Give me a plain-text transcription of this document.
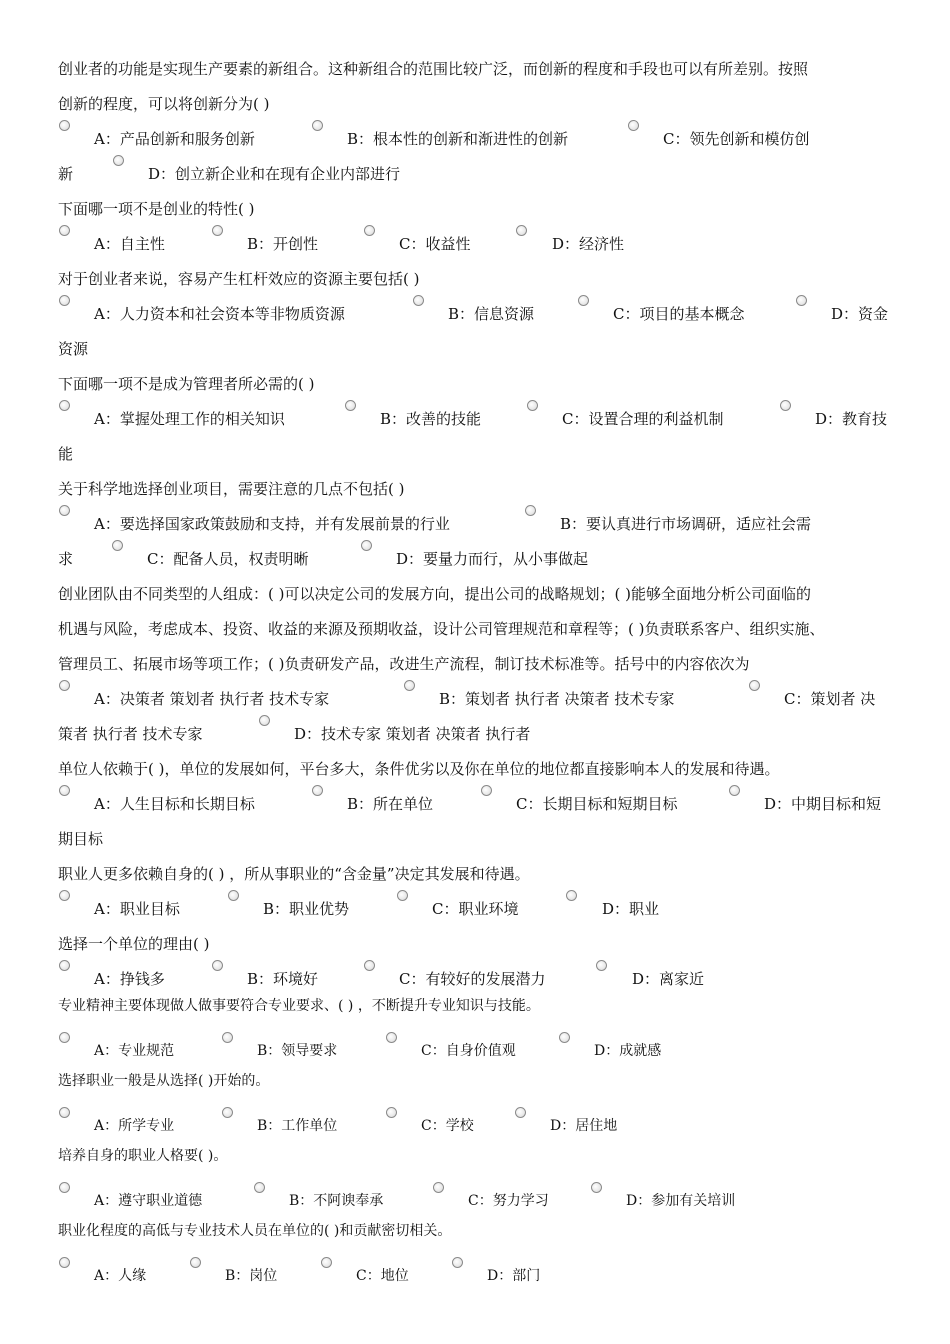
创业者的功能是实现生产要素的新组合。这种新组合的范围比较广泛，而创新的程度和手段也可以有所差别。按照
创新的程度，可以将创新分为( )
A：产品创新和服务创新	B：根本性的创新和渐进性的创新	C：领先创新和模仿创
新	D：创立新企业和在现有企业内部进行
下面哪一项不是创业的特性( )
A：自主性	B：开创性	C：收益性	D：经济性
对于创业者来说，容易产生杠杆效应的资源主要包括( )
A：人力资本和社会资本等非物质资源	B：信息资源	C：项目的基本概念	D：资金
资源
下面哪一项不是成为管理者所必需的( )
A：掌握处理工作的相关知识	B：改善的技能	C：设置合理的利益机制	D：教育技
能
关于科学地选择创业项目，需要注意的几点不包括( )
A：要选择国家政策鼓励和支持，并有发展前景的行业	B：要认真进行市场调研，适应社会需
求	C：配备人员，权责明晰	D：要量力而行，从小事做起
创业团队由不同类型的人组成：( )可以决定公司的发展方向，提出公司的战略规划；( )能够全面地分析公司面临的
机遇与风险，考虑成本、投资、收益的来源及预期收益，设计公司管理规范和章程等；( )负责联系客户、组织实施、
管理员工、拓展市场等项工作；( )负责研发产品，改进生产流程，制订技术标准等。括号中的内容依次为
A：决策者 策划者 执行者 技术专家	B：策划者 执行者 决策者 技术专家	C：策划者 决
策者 执行者 技术专家	D：技术专家 策划者 决策者 执行者
单位人依赖于( )，单位的发展如何，平台多大，条件优劣以及你在单位的地位都直接影响本人的发展和待遇。
A：人生目标和长期目标	B：所在单位	C：长期目标和短期目标	D：中期目标和短
期目标
职业人更多依赖自身的( ) ，所从事职业的“含金量”决定其发展和待遇。
A：职业目标	B：职业优势	C：职业环境	D：职业
选择一个单位的理由( )
A：挣钱多	B：环境好	C：有较好的发展潜力	D：离家近
专业精神主要体现做人做事要符合专业要求、( ) ，不断提升专业知识与技能。
A：专业规范	B：领导要求	C：自身价值观	D：成就感
选择职业一般是从选择( )开始的。
A：所学专业	B：工作单位	C：学校	D：居住地
培养自身的职业人格要( )。
A：遵守职业道德	B：不阿谀奉承	C：努力学习	D：参加有关培训
职业化程度的高低与专业技术人员在单位的( )和贡献密切相关。
A：人缘	B：岗位	C：地位	D：部门
